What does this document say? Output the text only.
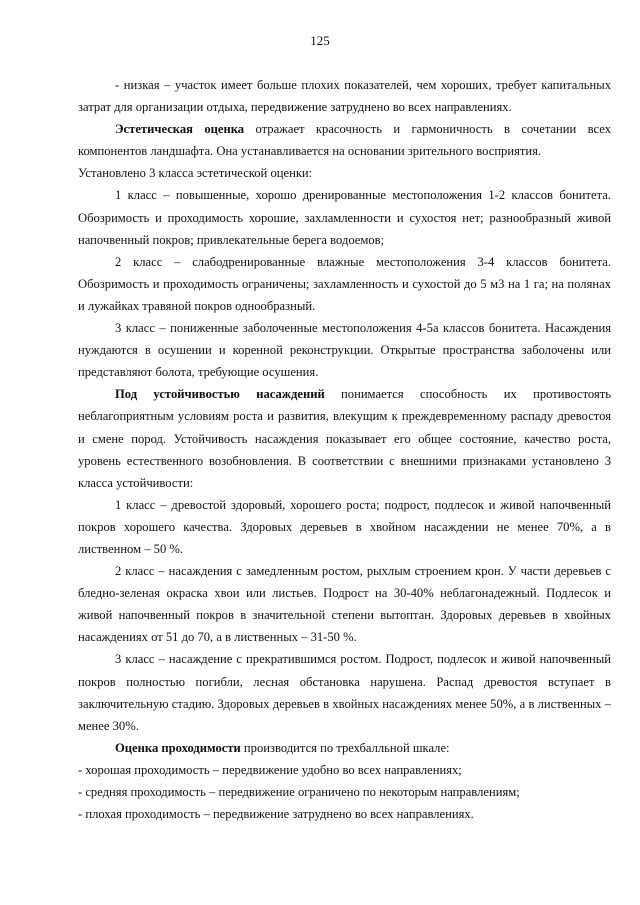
125

- низкая – участок имеет больше плохих показателей, чем хороших, требует капитальных затрат для организации отдыха, передвижение затруднено во всех направлениях.

Эстетическая оценка отражает красочность и гармоничность в сочетании всех компонентов ландшафта. Она устанавливается на основании зрительного восприятия.

Установлено 3 класса эстетической оценки:

1 класс – повышенные, хорошо дренированные местоположения 1-2 классов бонитета. Обозримость и проходимость хорошие, захламленности и сухостоя нет; разнообразный живой напочвенный покров; привлекательные берега водоемов;

2 класс – слабодренированные влажные местоположения 3-4 классов бонитета. Обозримость и проходимость ограничены; захламленность и сухостой до 5 м3 на 1 га; на полянах и лужайках травяной покров однообразный.

3 класс – пониженные заболоченные местоположения 4-5а классов бонитета. Насаждения нуждаются в осушении и коренной реконструкции. Открытые пространства заболочены или представляют болота, требующие осушения.

Под устойчивостью насаждений понимается способность их противостоять неблагоприятным условиям роста и развития, влекущим к преждевременному распаду древостоя и смене пород. Устойчивость насаждения показывает его общее состояние, качество роста, уровень естественного возобновления. В соответствии с внешними признаками установлено 3 класса устойчивости:

1 класс – древостой здоровый, хорошего роста; подрост, подлесок и живой напочвенный покров хорошего качества. Здоровых деревьев в хвойном насаждении не менее 70%, а в лиственном – 50 %.

2 класс – насаждения с замедленным ростом, рыхлым строением крон. У части деревьев с бледно-зеленая окраска хвои или листьев. Подрост на 30-40% неблагонадежный. Подлесок и живой напочвенный покров в значительной степени вытоптан. Здоровых деревьев в хвойных насаждениях от 51 до 70, а в лиственных – 31-50 %.

3 класс – насаждение с прекратившимся ростом. Подрост, подлесок и живой напочвенный покров полностью погибли, лесная обстановка нарушена. Распад древостоя вступает в заключительную стадию. Здоровых деревьев в хвойных насаждениях менее 50%, а в лиственных – менее 30%.

Оценка проходимости производится по трехбалльной шкале:

- хорошая проходимость – передвижение удобно во всех направлениях;

- средняя проходимость – передвижение ограничено по некоторым направлениям;

- плохая проходимость – передвижение затруднено во всех направлениях.
